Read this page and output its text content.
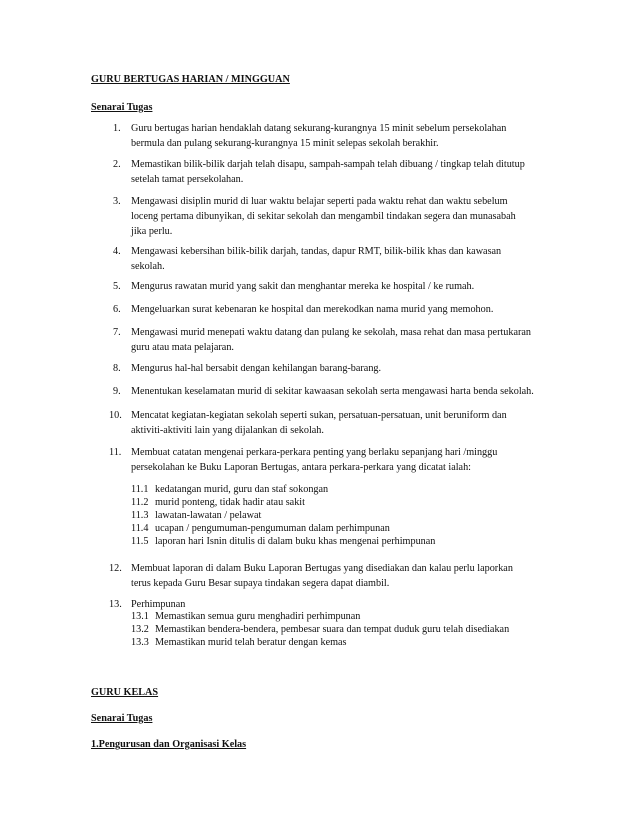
GURU BERTUGAS HARIAN / MINGGUAN
Senarai Tugas
1. Guru bertugas harian hendaklah datang sekurang-kurangnya 15 minit sebelum persekolahan
bermula dan pulang sekurang-kurangnya 15 minit selepas sekolah berakhir.
2. Memastikan bilik-bilik darjah telah disapu, sampah-sampah telah dibuang / tingkap telah ditutup
setelah tamat persekolahan.
3. Mengawasi disiplin murid di luar waktu belajar seperti pada waktu rehat dan waktu sebelum
loceng pertama dibunyikan, di sekitar sekolah dan mengambil tindakan segera dan munasabah
jika perlu.
4. Mengawasi kebersihan bilik-bilik darjah, tandas, dapur RMT, bilik-bilik khas dan kawasan
sekolah.
5. Mengurus rawatan murid yang sakit dan menghantar mereka ke hospital / ke rumah.
6. Mengeluarkan surat kebenaran ke hospital dan merekodkan nama murid yang memohon.
7. Mengawasi murid menepati waktu datang dan pulang ke sekolah, masa rehat dan masa pertukaran
guru atau mata pelajaran.
8. Mengurus hal-hal bersabit dengan kehilangan barang-barang.
9. Menentukan keselamatan murid di sekitar kawaasan sekolah serta mengawasi harta benda sekolah.
10. Mencatat kegiatan-kegiatan sekolah seperti sukan, persatuan-persatuan, unit beruniform dan
aktiviti-aktiviti lain yang dijalankan di sekolah.
11. Membuat catatan mengenai perkara-perkara penting yang berlaku sepanjang hari /minggu
persekolahan ke Buku Laporan Bertugas, antara perkara-perkara yang dicatat ialah:
11.1 kedatangan murid, guru dan staf sokongan
11.2 murid ponteng, tidak hadir atau sakit
11.3 lawatan-lawatan / pelawat
11.4 ucapan / pengumuman-pengumuman dalam perhimpunan
11.5 laporan hari Isnin ditulis di dalam buku khas mengenai perhimpunan
12. Membuat laporan di dalam Buku Laporan Bertugas yang disediakan dan kalau perlu laporkan
terus kepada Guru Besar supaya tindakan segera dapat diambil.
13. Perhimpunan
13.1 Memastikan semua guru menghadiri perhimpunan
13.2 Memastikan bendera-bendera, pembesar suara dan tempat duduk guru telah disediakan
13.3 Memastikan murid telah beratur dengan kemas
GURU KELAS
Senarai Tugas
1.Pengurusan dan Organisasi Kelas
